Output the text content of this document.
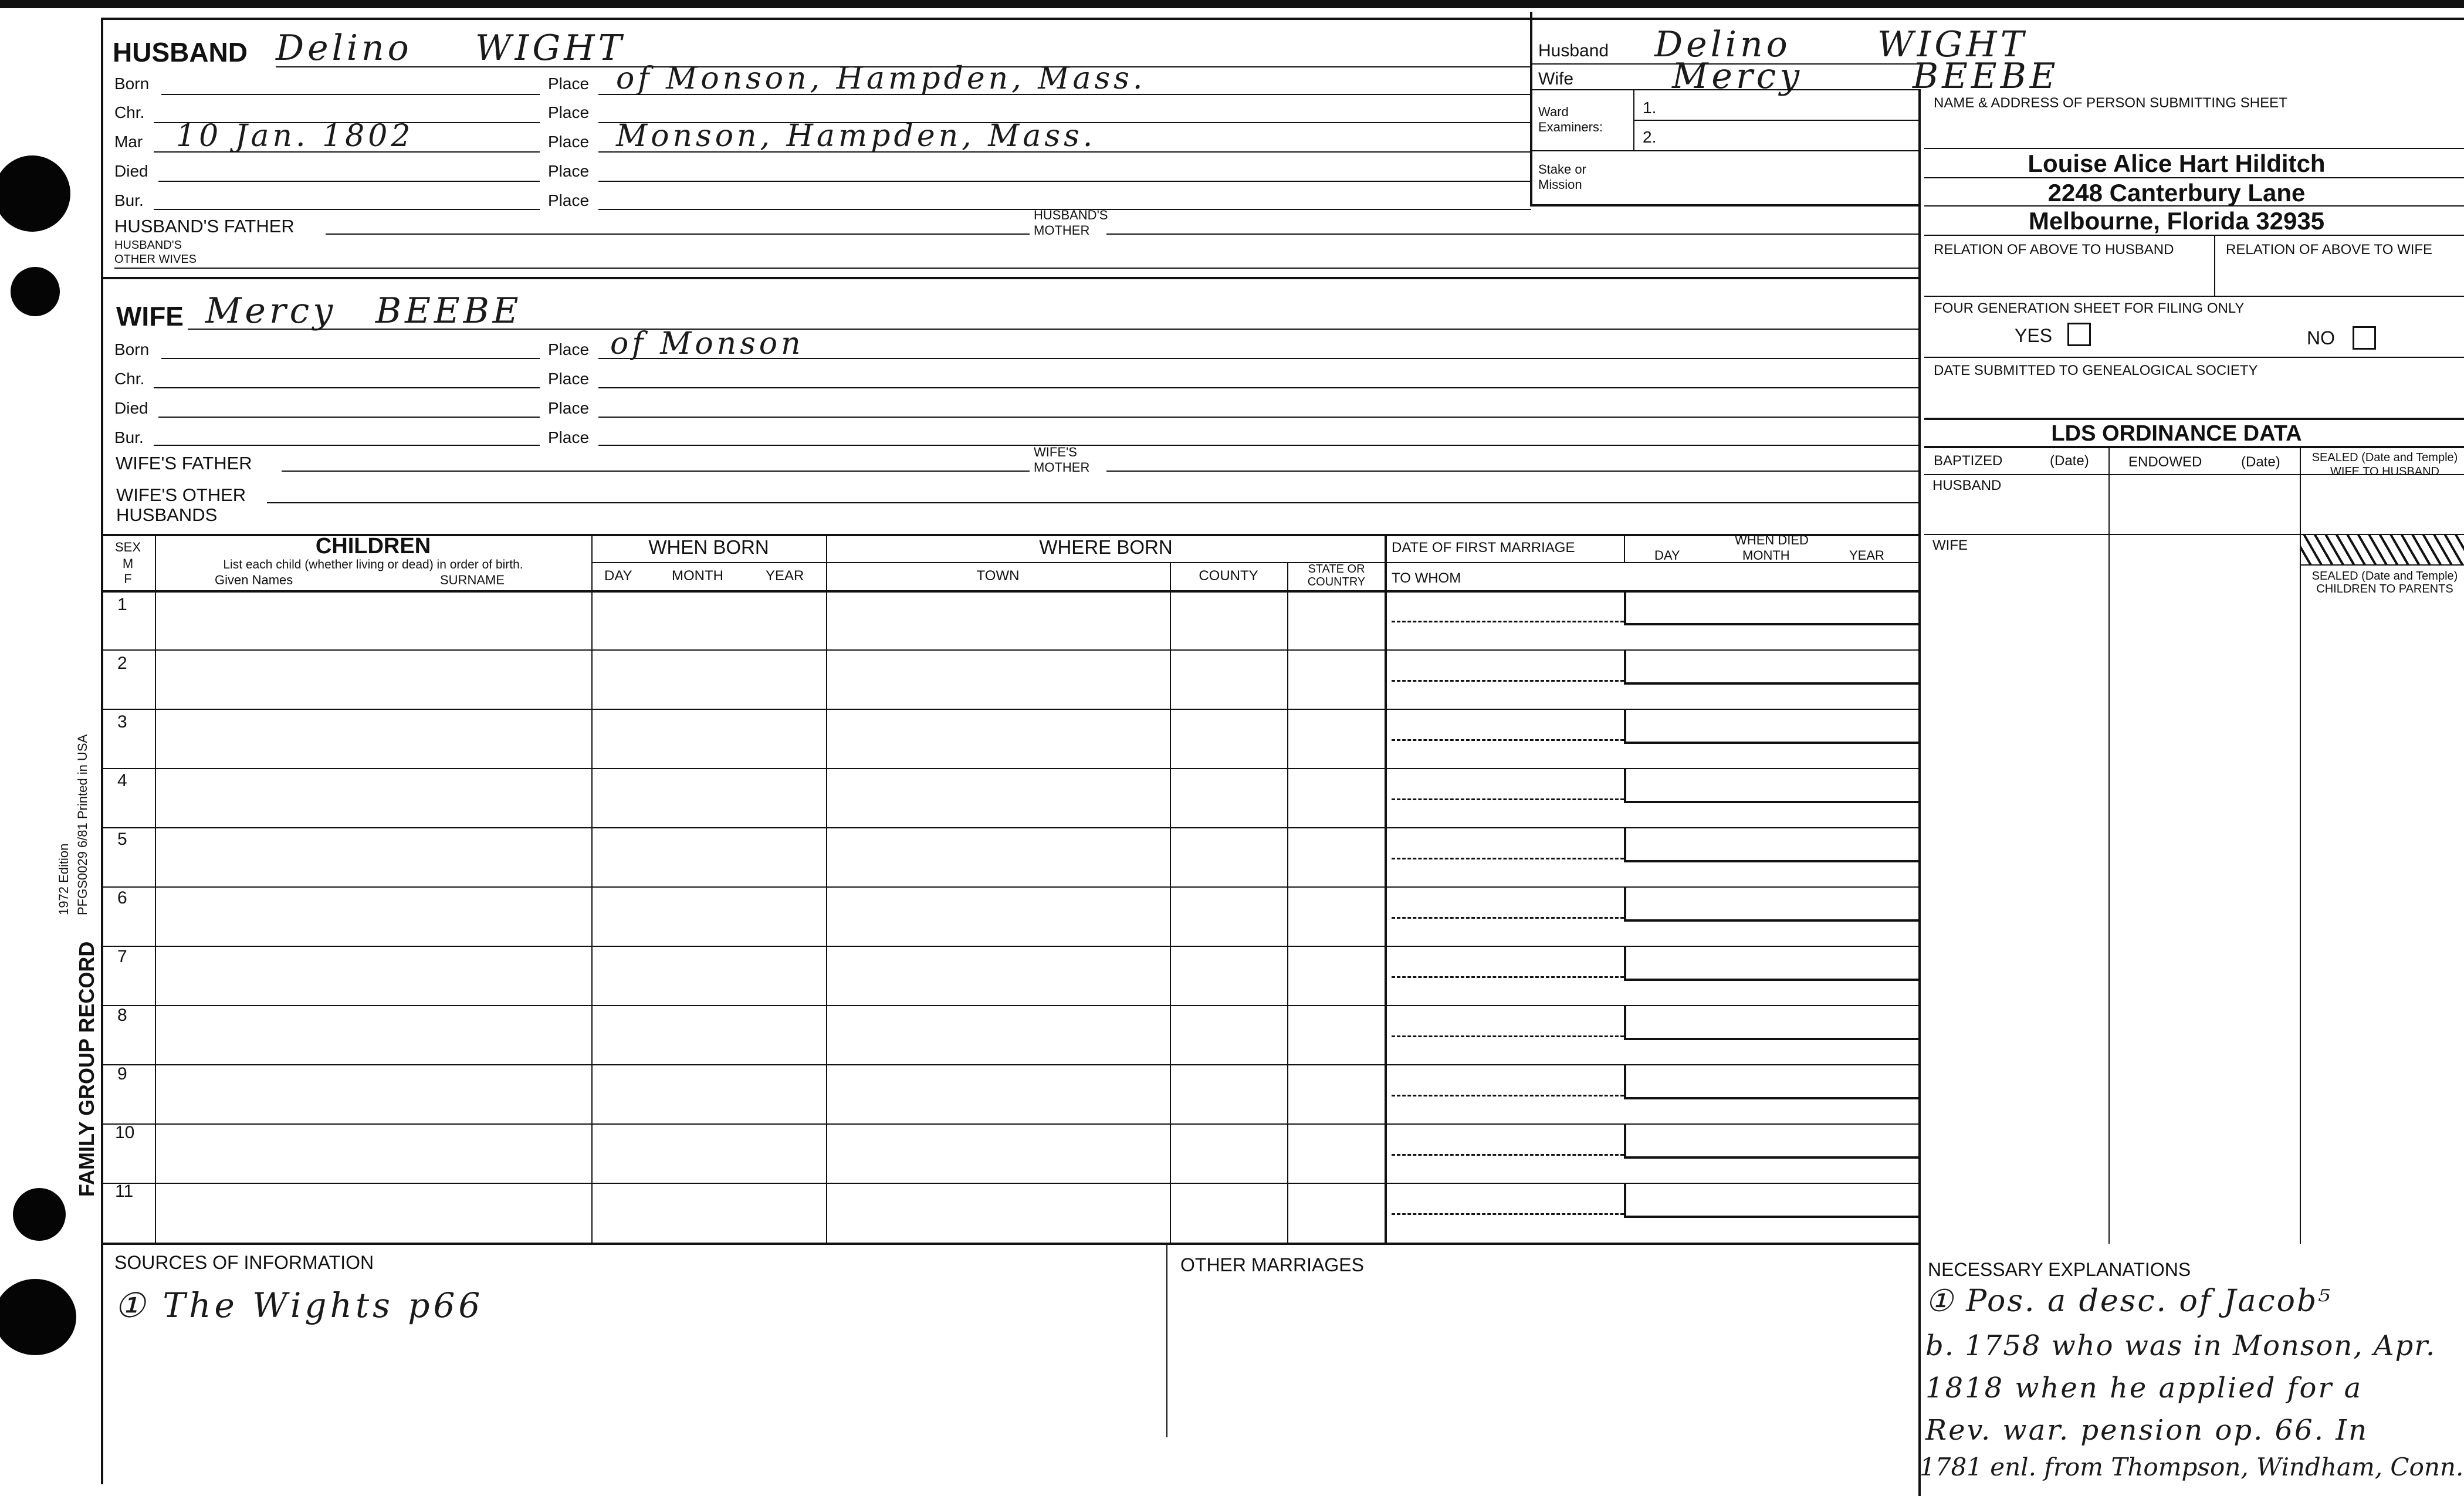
FAMILY GROUP RECORD
1972 Edition PFGS0029 6/81 Printed in USA
HUSBAND Delino WIGHT
Born	Place of Monson, Hampden, Mass.
Chr.	Place
Mar 10 Jan. 1802	Place Monson, Hampden, Mass.
Died	Place
Bur.	Place
HUSBAND'S FATHER
HUSBAND'S
MOTHER
HUSBAND'S
OTHER WIVES
WIFE Mercy BEEBE
Born	Place of Monson
Chr.	Place
Died	Place
Bur.	Place
WIFE'S FATHER
WIFE'S
MOTHER
WIFE'S OTHER
HUSBANDS
Husband Delino WIGHT
Wife	Mercy	BEEBE
Ward
Examiners:
1.
2.
Stake or
Mission
NAME & ADDRESS OF PERSON SUBMITTING SHEET
Louise Alice Hart Hilditch
2248 Canterbury Lane
Melbourne, Florida 32935
RELATION OF ABOVE TO HUSBAND	RELATION OF ABOVE TO WIFE
FOUR GENERATION SHEET FOR FILING ONLY
YES	NO
DATE SUBMITTED TO GENEALOGICAL SOCIETY
LDS ORDINANCE DATA
BAPTIZED	(Date)	ENDOWED	(Date)	SEALED (Date and Temple)
WIFE TO HUSBAND
HUSBAND
WIFE
SEALED (Date and Temple)
CHILDREN TO PARENTS
SEX
M
F
CHILDREN
List each child (whether living or dead) in order of birth.
Given Names	SURNAME
WHEN BORN
DAY	MONTH	YEAR
WHERE BORN
TOWN	COUNTY	STATE OR
COUNTRY
DATE OF FIRST MARRIAGE
TO WHOM
WHEN DIED
DAY	MONTH	YEAR
1
2
3
4
5
6
7
8
9
10
11
SOURCES OF INFORMATION
① The Wights p66
OTHER MARRIAGES	NECESSARY EXPLANATIONS
① Pos. a desc. of Jacob⁵
b. 1758 who was in Monson, Apr.
1818 when he applied for a
Rev. war. pension op. 66. In
1781 enl. from Thompson, Windham, Conn.
